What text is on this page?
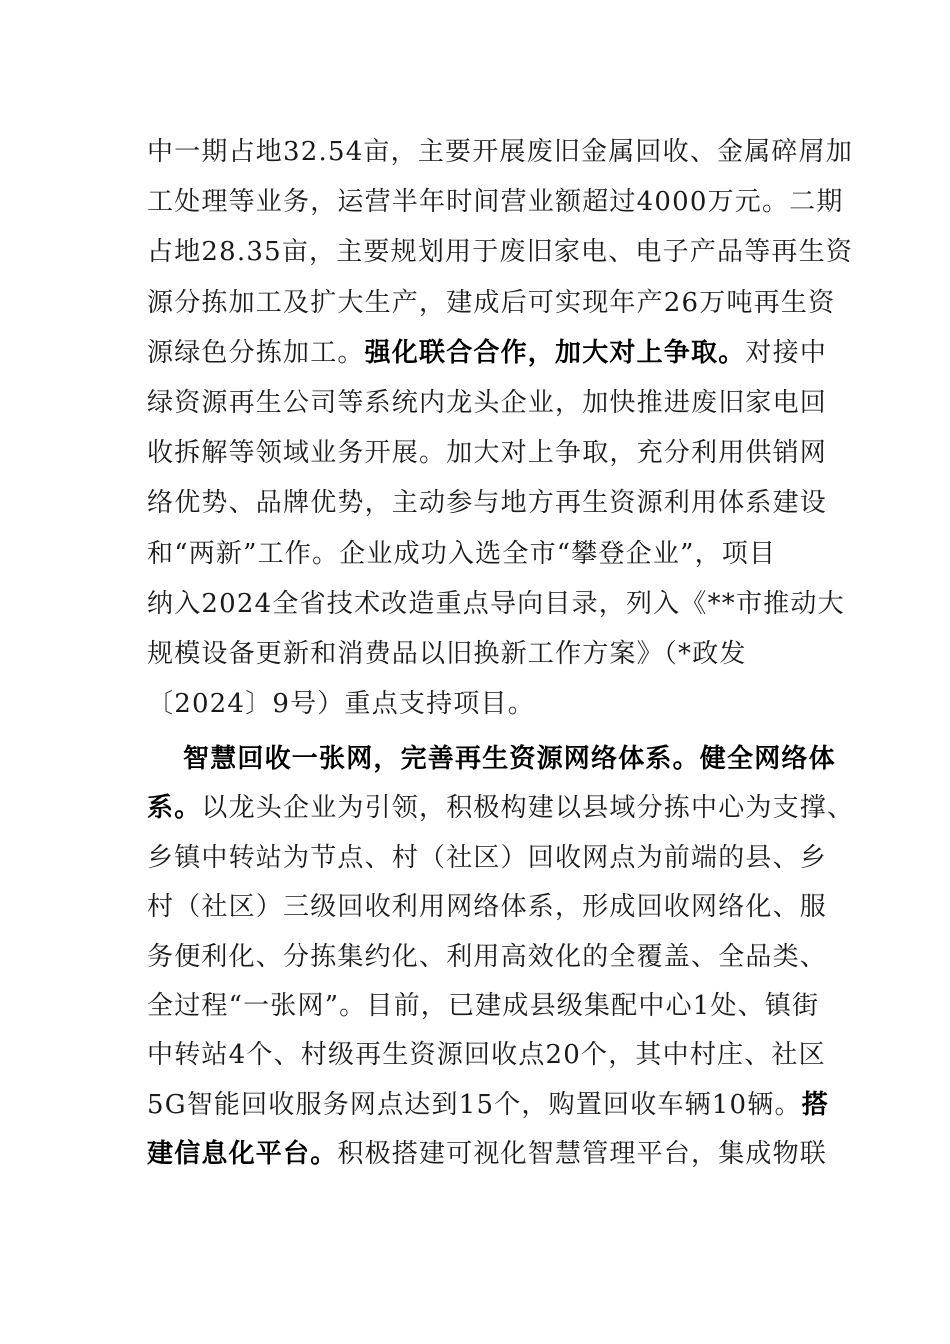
中一期占地32.54亩，主要开展废旧金属回收、金属碎屑加
工处理等业务，运营半年时间营业额超过4000万元。二期
占地28.35亩，主要规划用于废旧家电、电子产品等再生资
源分拣加工及扩大生产，建成后可实现年产26万吨再生资
源绿色分拣加工。强化联合合作，加大对上争取。对接中
绿资源再生公司等系统内龙头企业，加快推进废旧家电回
收拆解等领域业务开展。加大对上争取，充分利用供销网
络优势、品牌优势，主动参与地方再生资源利用体系建设
和“两新”工作。企业成功入选全市“攀登企业”，项目
纳入2024全省技术改造重点导向目录，列入《**市推动大
规模设备更新和消费品以旧换新工作方案》（*政发
〔2024〕9号）重点支持项目。
智慧回收一张网，完善再生资源网络体系。健全网络体
系。以龙头企业为引领，积极构建以县域分拣中心为支撑、
乡镇中转站为节点、村（社区）回收网点为前端的县、乡
村（社区）三级回收利用网络体系，形成回收网络化、服
务便利化、分拣集约化、利用高效化的全覆盖、全品类、
全过程“一张网”。目前，已建成县级集配中心1处、镇街
中转站4个、村级再生资源回收点20个，其中村庄、社区
5G智能回收服务网点达到15个，购置回收车辆10辆。搭
建信息化平台。积极搭建可视化智慧管理平台，集成物联
